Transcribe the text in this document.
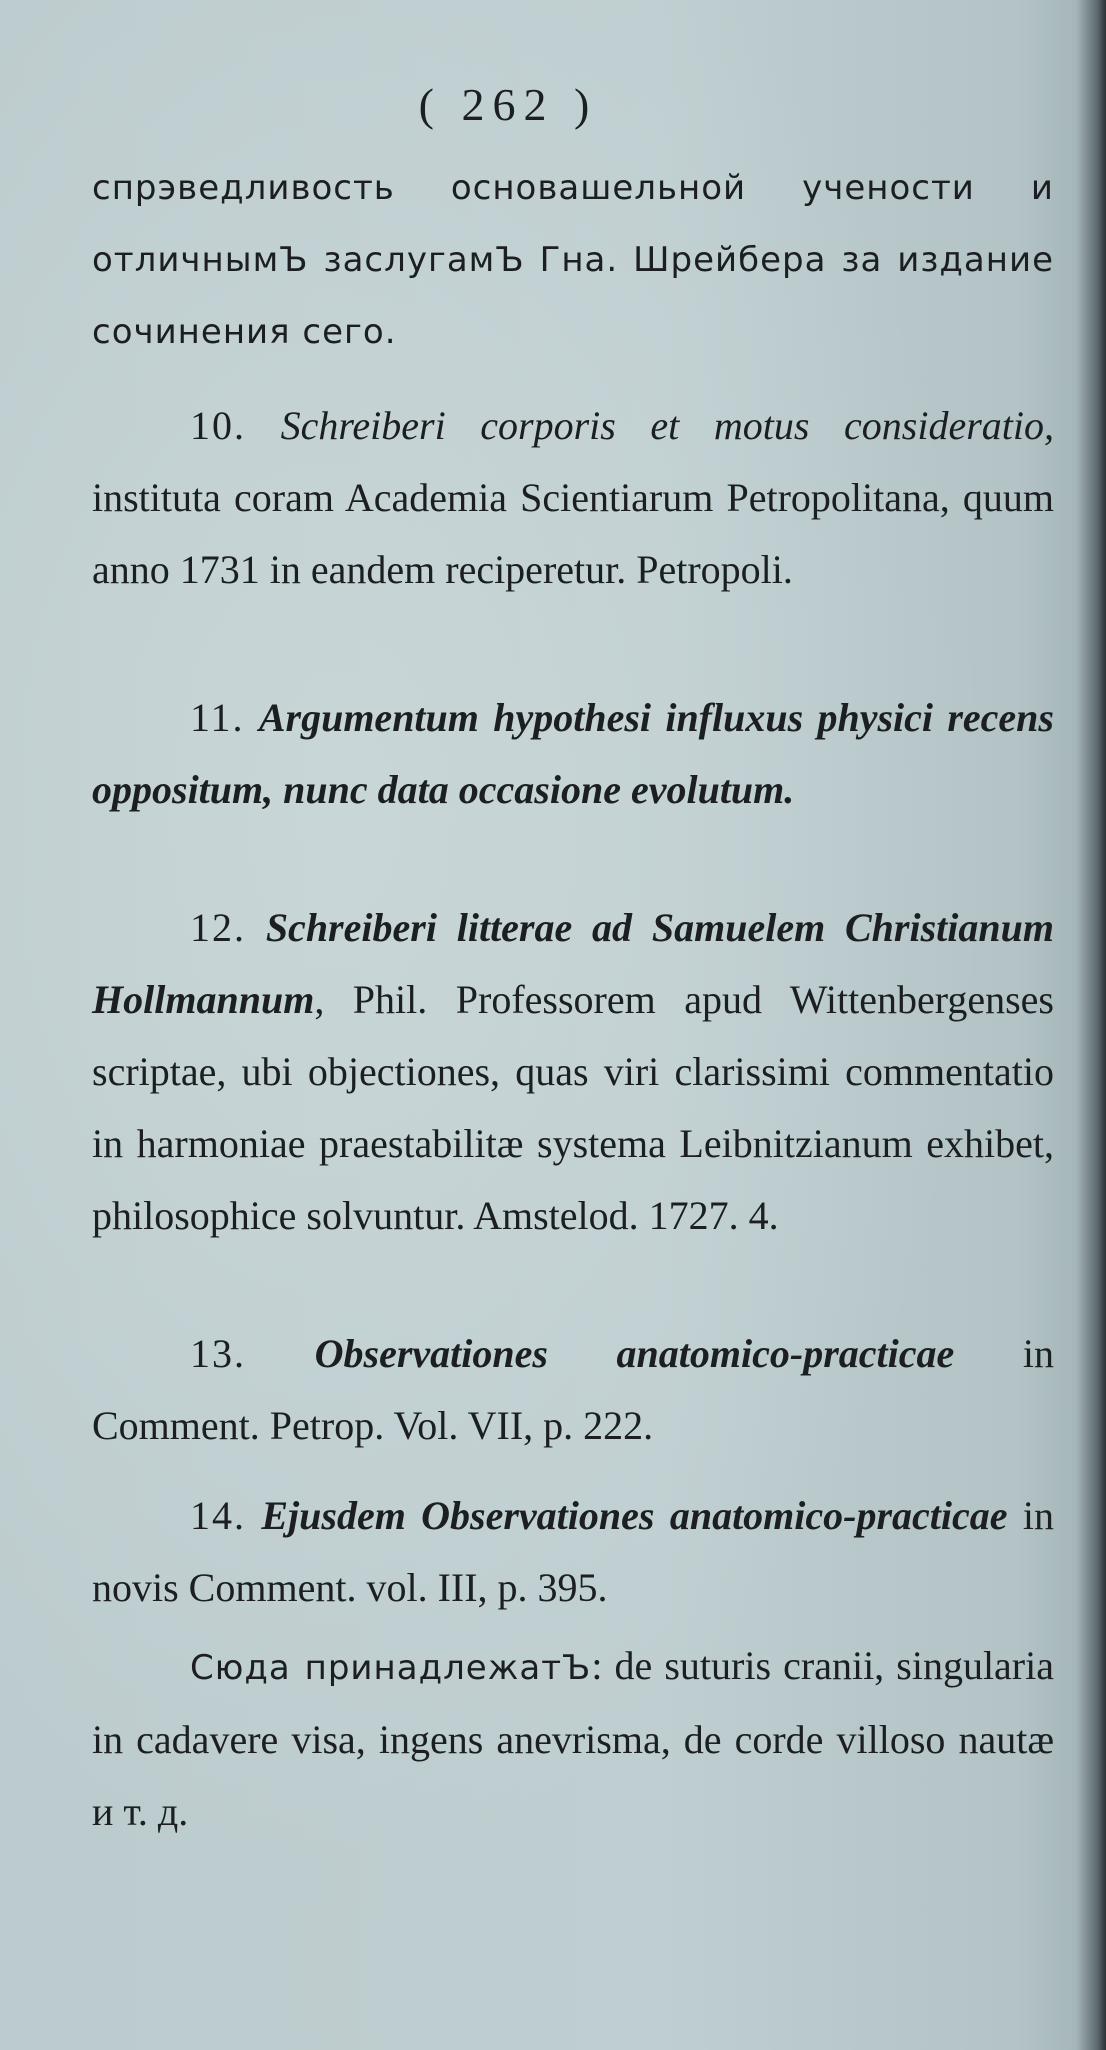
( 262 )

спрэведливость основашельной учености и отличнымЪ заслугамЪ Гна. Шрейбера за издание сочинения сего.

10. Schreiberi corporis et motus consideratio, instituta coram Academia Scientiarum Petropolitana, quum anno 1731 in eandem reciperetur. Petropoli.

11. Argumentum hypothesi influxus physici recens oppositum, nunc data occasione evolutum.

12. Schreiberi litterae ad Samuelem Christianum Hollmannum, Phil. Professorem apud Wittenbergenses scriptae, ubi objectiones, quas viri clarissimi commentatio in harmoniae praestabilitæ systema Leibnitzianum exhibet, philosophice solvuntur. Amstelod. 1727. 4.

13. Observationes anatomico-practicae in Comment. Petrop. Vol. VII, p. 222.

14. Ejusdem Observationes anatomico-practicae in novis Comment. vol. III, p. 395.

Сюда принадлежатЪ: de suturis cranii, singularia in cadavere visa, ingens anevrisma, de corde villoso nautæ и т. д.
